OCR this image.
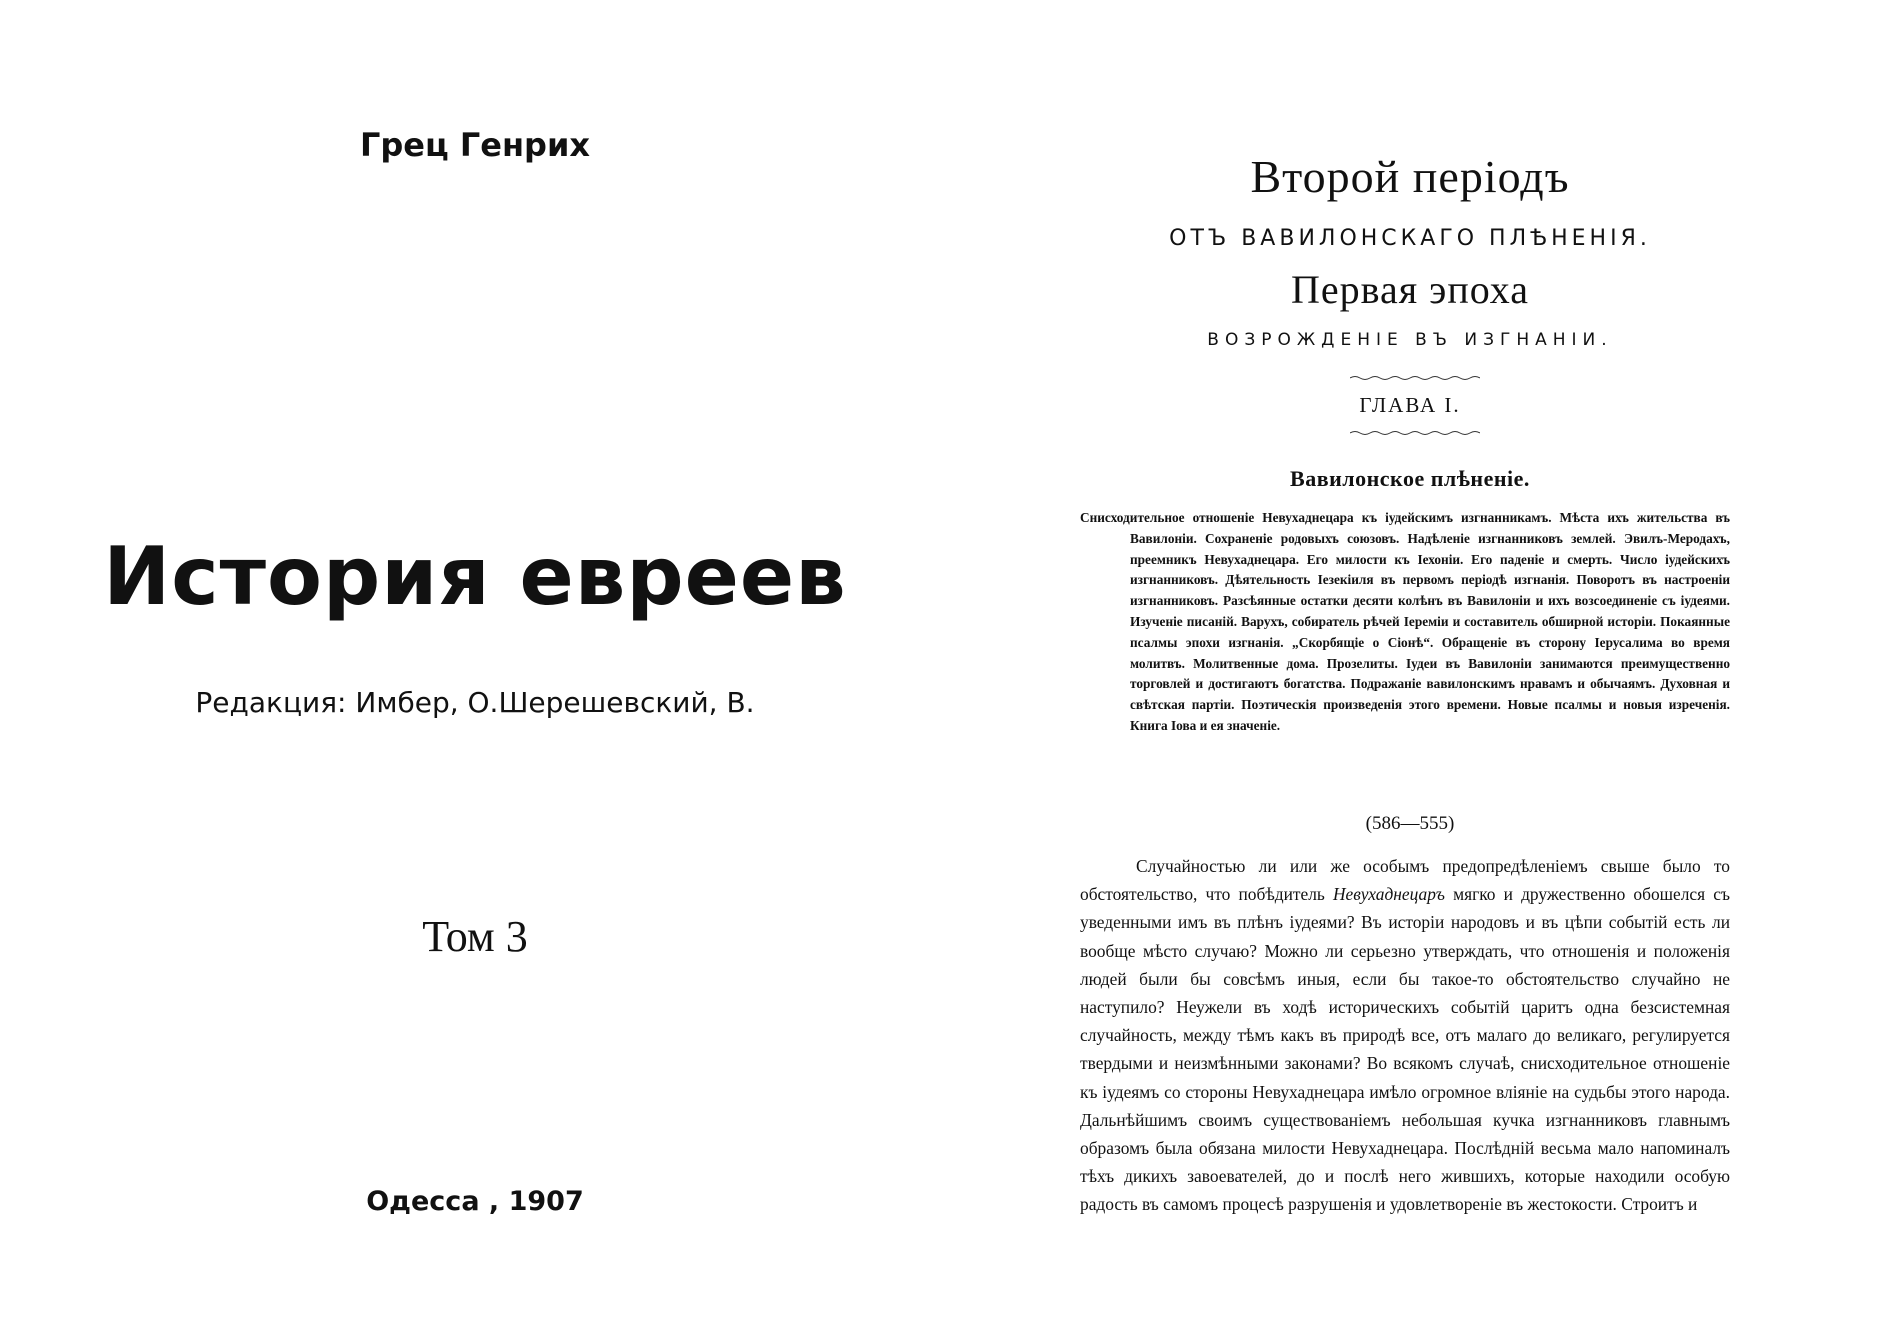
Грец Генрих
История евреев
Редакция: Имбер, О.Шерешевский, В.
Том 3
Одесса , 1907
Второй періодъ
ОТЪ ВАВИЛОНСКАГО ПЛѢНЕНІЯ.
Первая эпоха
ВОЗРОЖДЕНІЕ ВЪ ИЗГНАНІИ.
ГЛАВА I.
Вавилонское плѣненіе.
Снисходительное отношеніе Невухаднецара къ іудейскимъ изгнанникамъ. Мѣста ихъ жительства въ Вавилоніи. Сохраненіе родовыхъ союзовъ. Надѣленіе изгнанниковъ землей. Эвилъ-Меродахъ, преемникъ Невухаднецара. Его милости къ Іехоніи. Его паденіе и смерть. Число іудейскихъ изгнанниковъ. Дѣятельность Іезекіиля въ первомъ періодѣ изгнанія. Поворотъ въ настроеніи изгнанниковъ. Разсѣянные остатки десяти колѣнъ въ Вавилоніи и ихъ возсоединеніе съ іудеями. Изученіе писаній. Варухъ, собиратель рѣчей Іереміи и составитель обширной исторіи. Покаянные псалмы эпохи изгнанія. „Скорбящіе о Сіонѣ“. Обращеніе въ сторону Іерусалима во время молитвъ. Молитвенные дома. Прозелиты. Іудеи въ Вавилоніи занимаются преимущественно торговлей и достигаютъ богатства. Подражаніе вавилонскимъ нравамъ и обычаямъ. Духовная и свѣтская партіи. Поэтическія произведенія этого времени. Новые псалмы и новыя изреченія. Книга Іова и ея значеніе.
(586—555)
Случайностью ли или же особымъ предопредѣленіемъ свыше было то обстоятельство, что побѣдитель Невухаднецаръ мягко и дружественно обошелся съ уведенными имъ въ плѣнъ іудеями? Въ исторіи народовъ и въ цѣпи событій есть ли вообще мѣсто случаю? Можно ли серьезно утверждать, что отношенія и положенія людей были бы совсѣмъ иныя, если бы такое-то обстоятельство случайно не наступило? Неужели въ ходѣ историческихъ событій царитъ одна безсистемная случайность, между тѣмъ какъ въ природѣ все, отъ малаго до великаго, регулируется твердыми и неизмѣнными законами? Во всякомъ случаѣ, снисходительное отношеніе къ іудеямъ со стороны Невухаднецара имѣло огромное вліяніе на судьбы этого народа. Дальнѣйшимъ своимъ существованіемъ небольшая кучка изгнанниковъ главнымъ образомъ была обязана милости Невухаднецара. Послѣдній весьма мало напоминалъ тѣхъ дикихъ завоевателей, до и послѣ него жившихъ, которые находили особую радость въ самомъ процесѣ разрушенія и удовлетвореніе въ жестокости. Строитъ и
